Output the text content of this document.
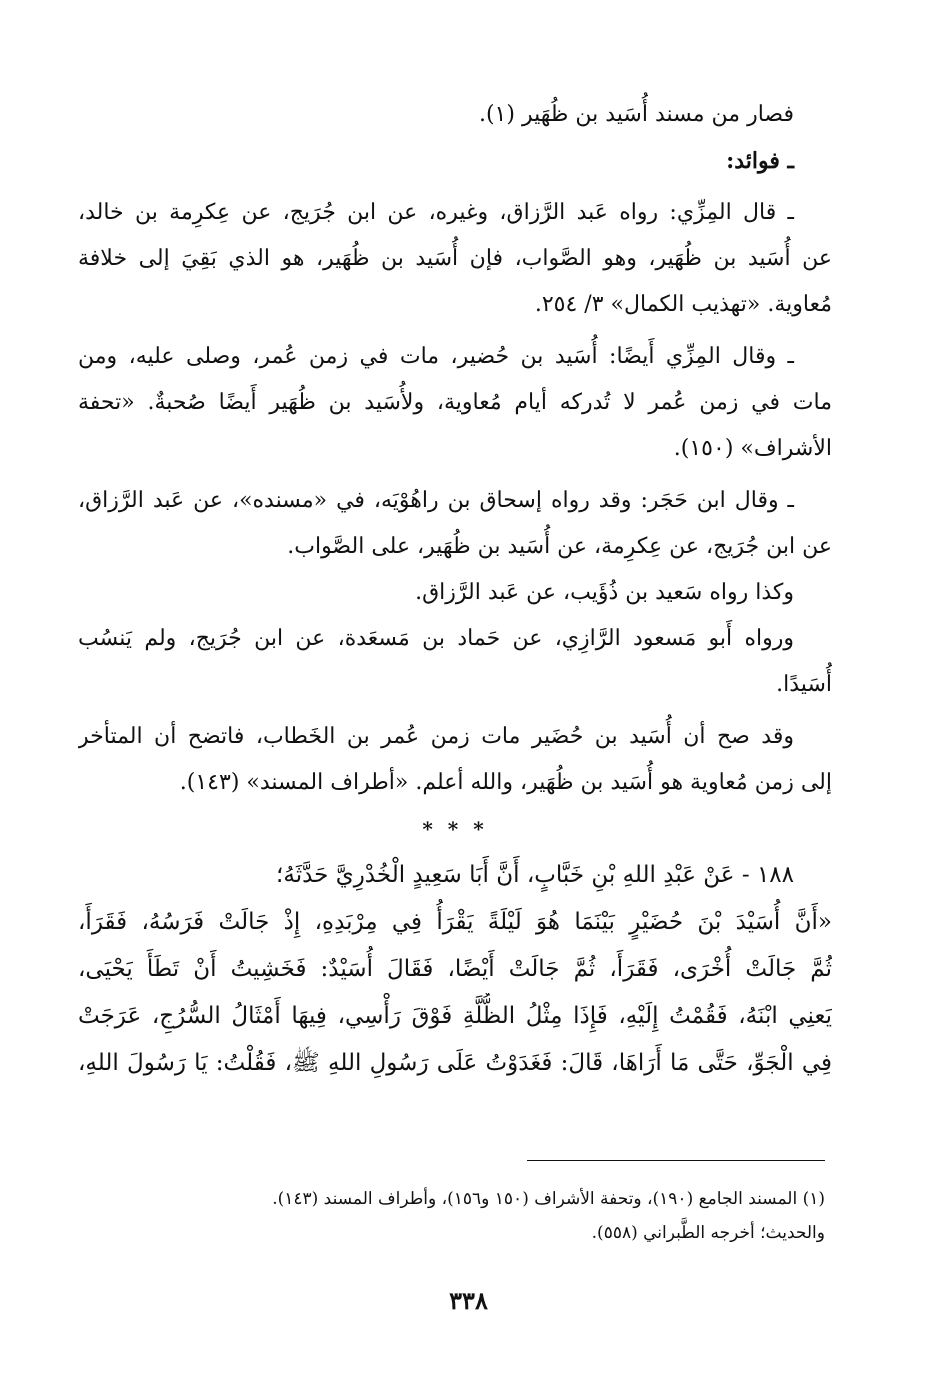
فصار من مسند أُسَيد بن ظُهَير (١).
ـ فوائد:
ـ قال المِزِّي: رواه عَبد الرَّزاق، وغيره، عن ابن جُرَيج، عن عِكرِمة بن خالد،
عن أُسَيد بن ظُهَير، وهو الصَّواب، فإن أُسَيد بن ظُهَير، هو الذي بَقِيَ إلى خلافة
مُعاوية. «تهذيب الكمال» ٣/ ٢٥٤.
ـ وقال المِزِّي أَيضًا: أُسَيد بن حُضير، مات في زمن عُمر، وصلى عليه، ومن
مات في زمن عُمر لا تُدركه أيام مُعاوية، ولأُسَيد بن ظُهَير أَيضًا صُحبةٌ. «تحفة
الأشراف» (١٥٠).
ـ وقال ابن حَجَر: وقد رواه إسحاق بن راهُوْيَه، في «مسنده»، عن عَبد الرَّزاق،
عن ابن جُرَيج، عن عِكرِمة، عن أُسَيد بن ظُهَير، على الصَّواب.
وكذا رواه سَعيد بن ذُؤَيب، عن عَبد الرَّزاق.
ورواه أَبو مَسعود الرَّازِي، عن حَماد بن مَسعَدة، عن ابن جُرَيج، ولم يَنسُب
أُسَيدًا.
وقد صح أن أُسَيد بن حُضَير مات زمن عُمر بن الخَطاب، فاتضح أن المتأخر
إلى زمن مُعاوية هو أُسَيد بن ظُهَير، والله أعلم. «أطراف المسند» (١٤٣).
* * *
١٨٨ - عَنْ عَبْدِ اللهِ بْنِ خَبَّابٍ، أَنَّ أَبَا سَعِيدٍ الْخُدْرِيَّ حَدَّثَهُ؛
«أَنَّ أُسَيْدَ بْنَ حُضَيْرٍ بَيْنَمَا هُوَ لَيْلَةً يَقْرَأُ فِي مِرْبَدِهِ، إِذْ جَالَتْ فَرَسُهُ، فَقَرَأَ،
ثُمَّ جَالَتْ أُخْرَى، فَقَرَأَ، ثُمَّ جَالَتْ أَيْضًا، فَقَالَ أُسَيْدٌ: فَخَشِيتُ أَنْ تَطَأَ يَحْيَى،
يَعنِي ابْنَهُ، فَقُمْتُ إِلَيْهِ، فَإِذَا مِثْلُ الظُّلَّةِ فَوْقَ رَأْسِي، فِيهَا أَمْثَالُ السُّرُجِ، عَرَجَتْ
فِي الْجَوِّ، حَتَّى مَا أَرَاهَا، قَالَ: فَغَدَوْتُ عَلَى رَسُولِ اللهِ ﷺ، فَقُلْتُ: يَا رَسُولَ اللهِ،
(١) المسند الجامع (١٩٠)، وتحفة الأشراف (١٥٠ و١٥٦)، وأطراف المسند (١٤٣).
والحديث؛ أخرجه الطَّبراني (٥٥٨).
٣٣٨
